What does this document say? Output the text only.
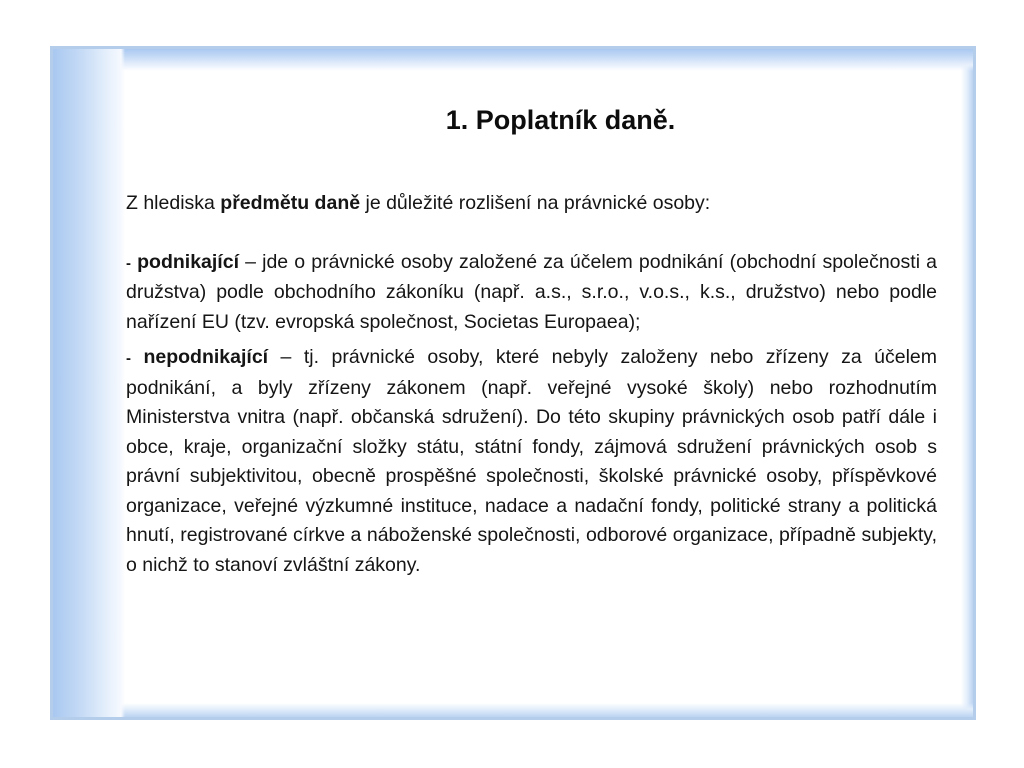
1. Poplatník daně.

Z hlediska předmětu daně je důležité rozlišení na právnické osoby:

- podnikající – jde o právnické osoby založené za účelem podnikání (obchodní společnosti a družstva) podle obchodního zákoníku (např. a.s., s.r.o., v.o.s., k.s., družstvo) nebo podle nařízení EU (tzv. evropská společnost, Societas Europaea);

- nepodnikající – tj. právnické osoby, které nebyly založeny nebo zřízeny za účelem podnikání, a byly zřízeny zákonem (např. veřejné vysoké školy) nebo rozhodnutím Ministerstva vnitra (např. občanská sdružení). Do této skupiny právnických osob patří dále i obce, kraje, organizační složky státu, státní fondy, zájmová sdružení právnických osob s právní subjektivitou, obecně prospěšné společnosti, školské právnické osoby, příspěvkové organizace, veřejné výzkumné instituce, nadace a nadační fondy, politické strany a politická hnutí, registrované církve a náboženské společnosti, odborové organizace, případně subjekty, o nichž to stanoví zvláštní zákony.
